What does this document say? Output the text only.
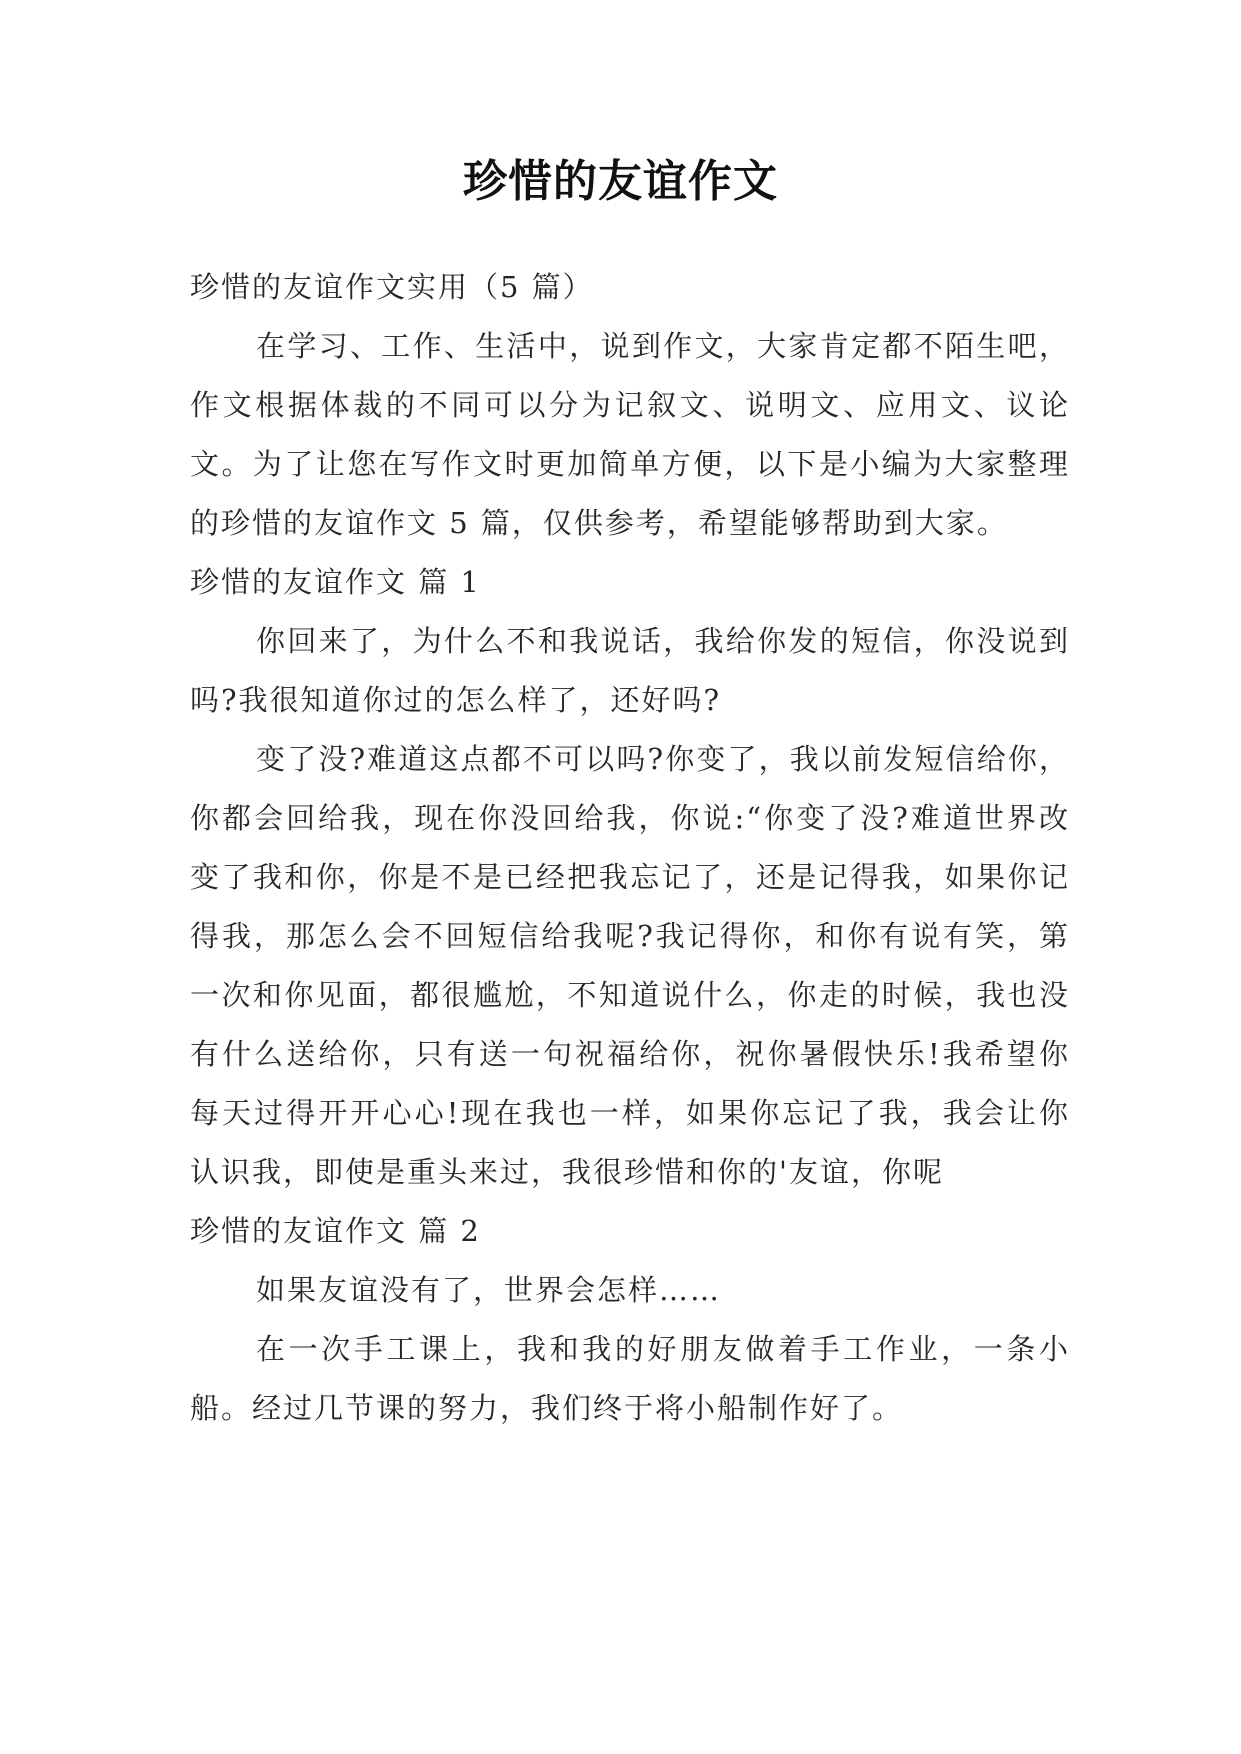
珍惜的友谊作文

珍惜的友谊作文实用（5 篇）

在学习、工作、生活中，说到作文，大家肯定都不陌生吧，作文根据体裁的不同可以分为记叙文、说明文、应用文、议论文。为了让您在写作文时更加简单方便，以下是小编为大家整理的珍惜的友谊作文 5 篇，仅供参考，希望能够帮助到大家。

珍惜的友谊作文 篇 1

你回来了，为什么不和我说话，我给你发的短信，你没说到吗?我很知道你过的怎么样了，还好吗?

变了没?难道这点都不可以吗?你变了，我以前发短信给你，你都会回给我，现在你没回给我，你说:“你变了没?难道世界改变了我和你，你是不是已经把我忘记了，还是记得我，如果你记得我，那怎么会不回短信给我呢?我记得你，和你有说有笑，第一次和你见面，都很尴尬，不知道说什么，你走的时候，我也没有什么送给你，只有送一句祝福给你，祝你暑假快乐!我希望你每天过得开开心心!现在我也一样，如果你忘记了我，我会让你认识我，即使是重头来过，我很珍惜和你的'友谊，你呢

珍惜的友谊作文 篇 2

如果友谊没有了，世界会怎样……

在一次手工课上，我和我的好朋友做着手工作业，一条小船。经过几节课的努力，我们终于将小船制作好了。
